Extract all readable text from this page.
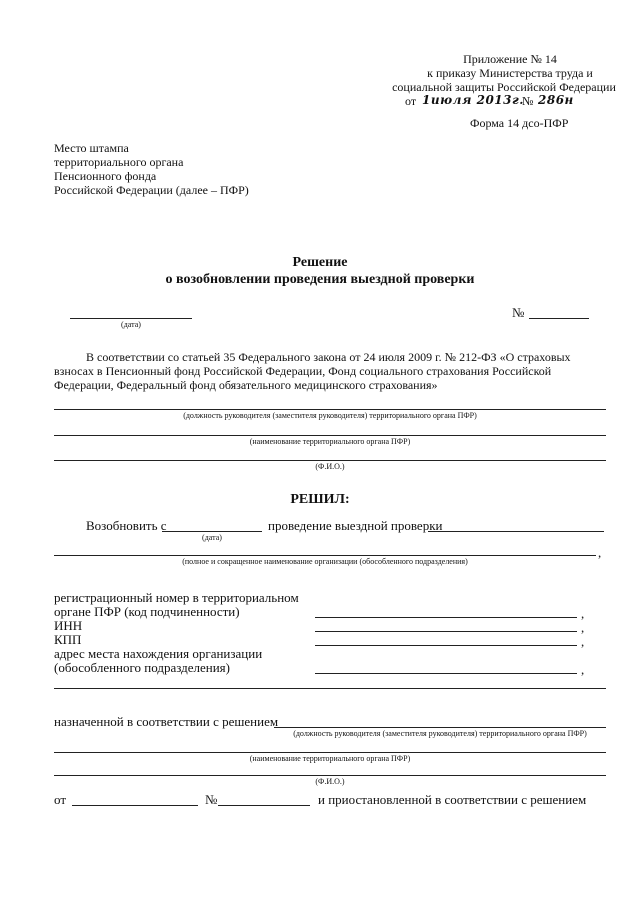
Приложение № 14
к приказу Министерства труда и
социальной защиты Российской Федерации
от 1июля 2013г.
№ 286н
Форма 14 дсо-ПФР
Место штампа
территориального органа
Пенсионного фонда
Российской Федерации (далее – ПФР)
Решение
о возобновлении проведения выездной проверки
(дата)
№
В соответствии со статьей 35 Федерального закона от 24 июля 2009 г. № 212-ФЗ «О страховых
взносах в Пенсионный фонд Российской Федерации, Фонд социального страхования Российской
Федерации, Федеральный фонд обязательного медицинского страхования»
(должность руководителя (заместителя руководителя) территориального органа ПФР)
(наименование территориального органа ПФР)
(Ф.И.О.)
РЕШИЛ:
Возобновить с
(дата)
проведение выездной проверки
,
(полное и сокращенное наименование организации (обособленного подразделения)
регистрационный номер в территориальном
органе ПФР (код подчиненности)	,
ИНН	,
КПП	,
адрес места нахождения организации
(обособленного подразделения)	,
назначенной в соответствии с решением
(должность руководителя (заместителя руководителя) территориального органа ПФР)
(наименование территориального органа ПФР)
(Ф.И.О.)
от	№	и приостановленной в соответствии с решением
